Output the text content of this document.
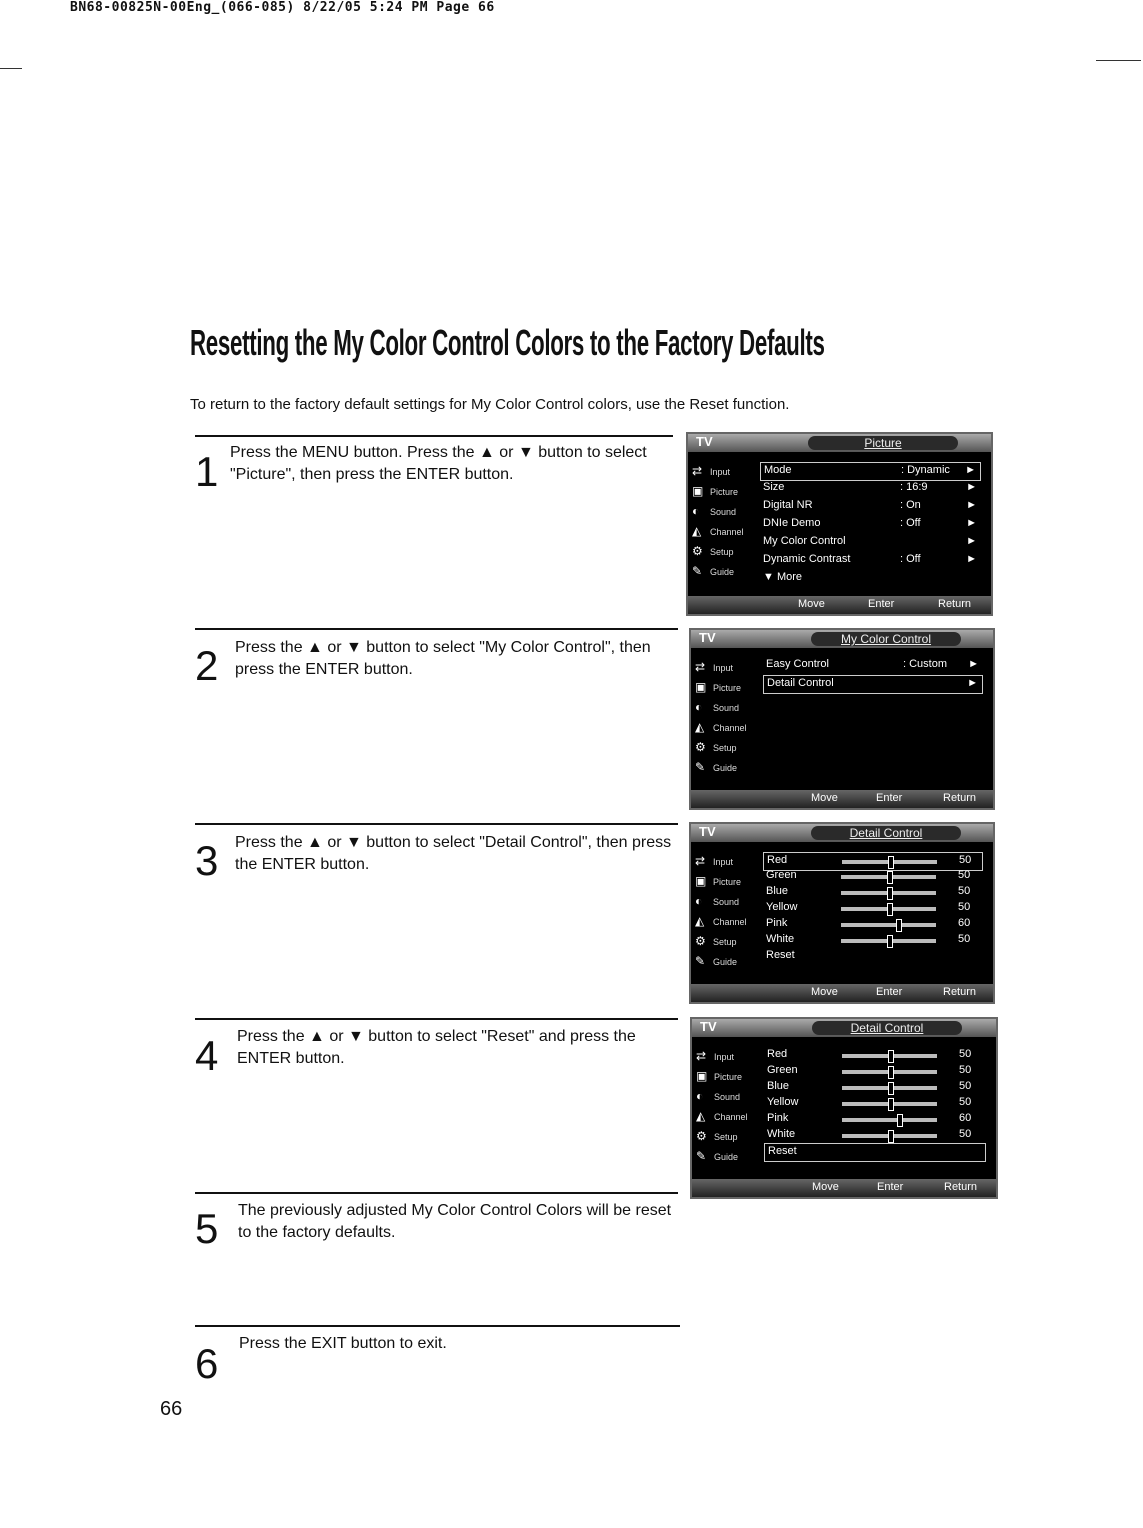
BN68-00825N-00Eng_(066-085) 8/22/05 5:24 PM Page 66
Resetting the My Color Control Colors to the Factory Defaults
To return to the factory default settings for My Color Control colors, use the Reset function.
1 Press the MENU button. Press the ▲ or ▼ button to select "Picture", then press the ENTER button.
2 Press the ▲ or ▼ button to select "My Color Control", then press the ENTER button.
3 Press the ▲ or ▼ button to select "Detail Control", then press the ENTER button.
4 Press the ▲ or ▼ button to select "Reset" and press the ENTER button.
5 The previously adjusted My Color Control Colors will be reset to the factory defaults.
6 Press the EXIT button to exit.
66
TV	Picture
⇄ Input
▣ Picture
◐ Sound
◭ Channel
⚙ Setup
✎ Guide
Mode	: Dynamic ►
Size	: 16:9	►
Digital NR	: On	►
DNIe Demo	: Off	►
My Color Control	►
Dynamic Contrast	: Off	►
▼ More
Move	Enter	Return
TV	My Color Control
⇄ Input
▣ Picture
◐ Sound
◭ Channel
⚙ Setup
✎ Guide
Easy Control	: Custom ►
Detail Control	►
Move	Enter	Return
TV	Detail Control
⇄ Input
▣ Picture
◐ Sound
◭ Channel
⚙ Setup
✎ Guide
Red	50
Green	50
Blue	50
Yellow	50
Pink	60
White	50
Reset
Move	Enter	Return
TV	Detail Control
⇄ Input
▣ Picture
◐ Sound
◭ Channel
⚙ Setup
✎ Guide
Red	50
Green	50
Blue	50
Yellow	50
Pink	60
White	50
Reset
Move	Enter	Return
